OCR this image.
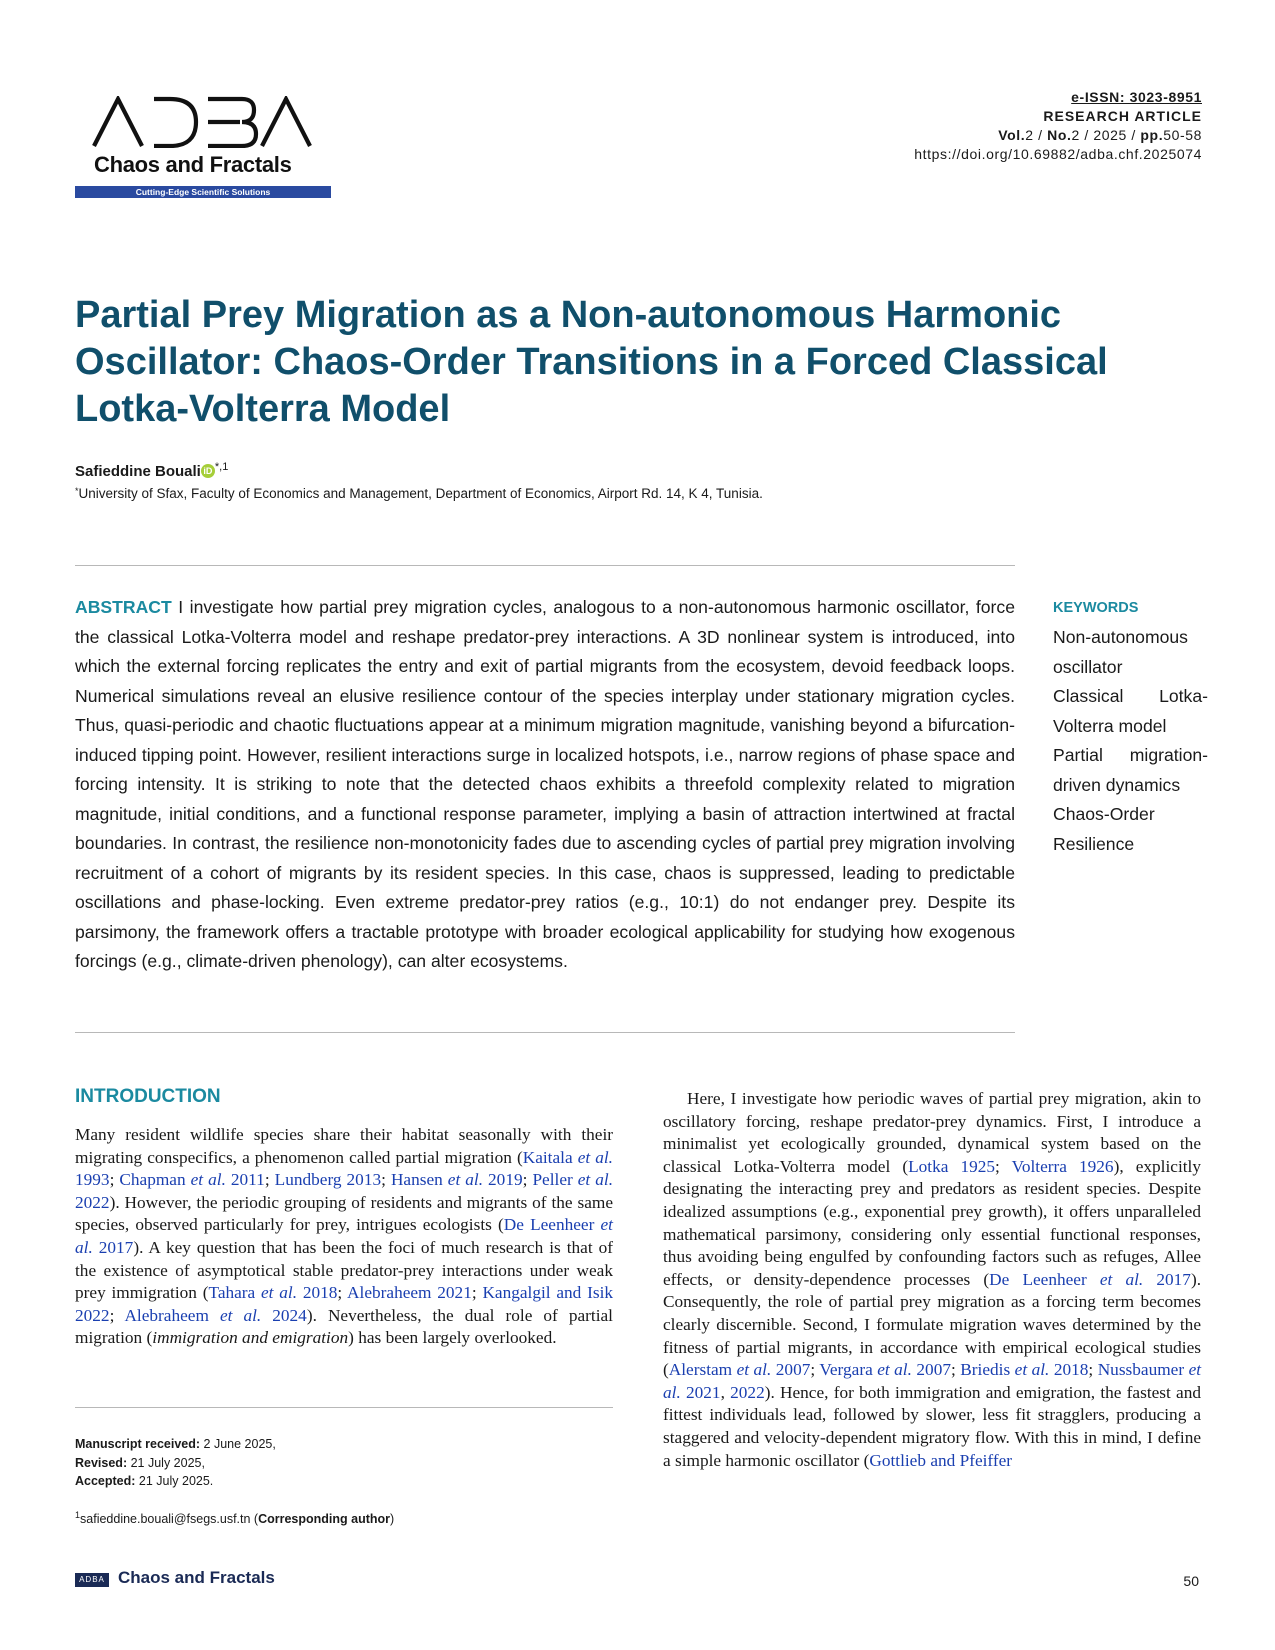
Chaos and Fractals
Cutting-Edge Scientific Solutions
e-ISSN: 3023-8951
RESEARCH ARTICLE
Vol.2 / No.2 / 2025 / pp.50-58
https://doi.org/10.69882/adba.chf.2025074
Partial Prey Migration as a Non-autonomous Harmonic Oscillator: Chaos-Order Transitions in a Forced Classical Lotka-Volterra Model
Safieddine Bouali iD $^{*,1}$
*University of Sfax, Faculty of Economics and Management, Department of Economics, Airport Rd. 14, K 4, Tunisia.
ABSTRACT I investigate how partial prey migration cycles, analogous to a non-autonomous harmonic oscillator, force the classical Lotka-Volterra model and reshape predator-prey interactions. A 3D nonlinear system is introduced, into which the external forcing replicates the entry and exit of partial migrants from the ecosystem, devoid feedback loops. Numerical simulations reveal an elusive resilience contour of the species interplay under stationary migration cycles. Thus, quasi-periodic and chaotic fluctuations appear at a minimum migration magnitude, vanishing beyond a bifurcation-induced tipping point. However, resilient interactions surge in localized hotspots, i.e., narrow regions of phase space and forcing intensity. It is striking to note that the detected chaos exhibits a threefold complexity related to migration magnitude, initial conditions, and a functional response parameter, implying a basin of attraction intertwined at fractal boundaries. In contrast, the resilience non-monotonicity fades due to ascending cycles of partial prey migration involving recruitment of a cohort of migrants by its resident species. In this case, chaos is suppressed, leading to predictable oscillations and phase-locking. Even extreme predator-prey ratios (e.g., 10:1) do not endanger prey. Despite its parsimony, the framework offers a tractable prototype with broader ecological applicability for studying how exogenous forcings (e.g., climate-driven phenology), can alter ecosystems.
KEYWORDS
Non-autonomous oscillator
Classical Lotka-Volterra model
Partial migration-driven dynamics
Chaos-Order
Resilience
INTRODUCTION

Many resident wildlife species share their habitat seasonally with their migrating conspecifics, a phenomenon called partial migration (Kaitala et al. 1993; Chapman et al. 2011; Lundberg 2013; Hansen et al. 2019; Peller et al. 2022). However, the periodic grouping of residents and migrants of the same species, observed particularly for prey, intrigues ecologists (De Leenheer et al. 2017). A key question that has been the foci of much research is that of the existence of asymptotical stable predator-prey interactions under weak prey immigration (Tahara et al. 2018; Alebraheem 2021; Kangalgil and Isik 2022; Alebraheem et al. 2024). Nevertheless, the dual role of partial migration (immigration and emigration) has been largely overlooked.

Manuscript received: 2 June 2025,
Revised: 21 July 2025,
Accepted: 21 July 2025.
$^1$safieddine.bouali@fsegs.usf.tn (Corresponding author)

Here, I investigate how periodic waves of partial prey migration, akin to oscillatory forcing, reshape predator-prey dynamics. First, I introduce a minimalist yet ecologically grounded, dynamical system based on the classical Lotka-Volterra model (Lotka 1925; Volterra 1926), explicitly designating the interacting prey and predators as resident species. Despite idealized assumptions (e.g., exponential prey growth), it offers unparalleled mathematical parsimony, considering only essential functional responses, thus avoiding being engulfed by confounding factors such as refuges, Allee effects, or density-dependence processes (De Leenheer et al. 2017). Consequently, the role of partial prey migration as a forcing term becomes clearly discernible. Second, I formulate migration waves determined by the fitness of partial migrants, in accordance with empirical ecological studies (Alerstam et al. 2007; Vergara et al. 2007; Briedis et al. 2018; Nussbaumer et al. 2021, 2022). Hence, for both immigration and emigration, the fastest and fittest individuals lead, followed by slower, less fit stragglers, producing a staggered and velocity-dependent migratory flow. With this in mind, I define a simple harmonic oscillator (Gottlieb and Pfeiffer

ADBA Chaos and Fractals	50
